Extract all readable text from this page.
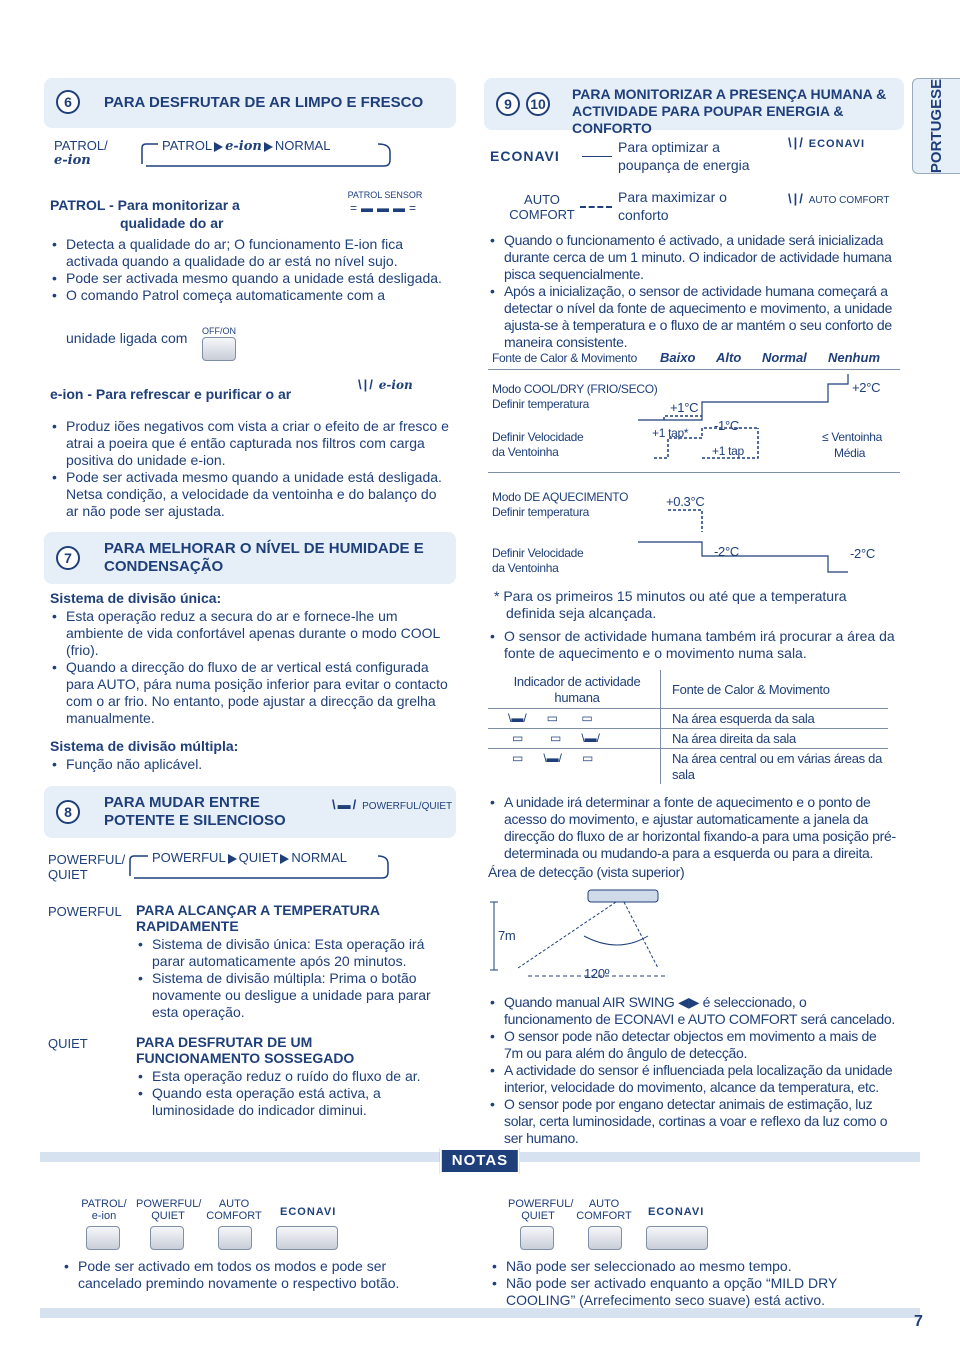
6	PARA DESFRUTAR DE AR LIMPO E FRESCO
PATROL/
e-ion
PATROL e-ion NORMAL
PATROL - Para monitorizar a
qualidade do ar
PATROL SENSOR
=▬▬▬=
• Detecta a qualidade do ar; O funcionamento E-ion fica activada quando a qualidade do ar está no nível sujo.
• Pode ser activada mesmo quando a unidade está desligada.
• O comando Patrol começa automaticamente com a
unidade ligada com OFF/ON
e-ion - Para refrescar e purificar o ar
\|/ e-ion
• Produz iões negativos com vista a criar o efeito de ar fresco e atrai a poeira que é então capturada nos filtros com carga positiva do unidade e-ion.
• Pode ser activada mesmo quando a unidade está desligada. Netsa condição, a velocidade da ventoinha e do balanço do ar não pode ser ajustada.
7
PARA MELHORAR O NÍVEL DE HUMIDADE E CONDENSAÇÃO
Sistema de divisão única:
• Esta operação reduz a secura do ar e fornece-lhe um ambiente de vida confortável apenas durante o modo COOL (frio).
• Quando a direcção do fluxo de ar vertical está configurada para AUTO, pára numa posição inferior para evitar o contacto com o ar frio. No entanto, pode ajustar a direcção da grelha manualmente.
Sistema de divisão múltipla:
• Função não aplicável.
8
PARA MUDAR ENTRE POTENTE E SILENCIOSO
\▬/ POWERFUL/QUIET
POWERFUL/ QUIET
POWERFUL QUIET NORMAL
POWERFUL PARA ALCANÇAR A TEMPERATURA RAPIDAMENTE
• Sistema de divisão única: Esta operação irá parar automaticamente após 20 minutos.
• Sistema de divisão múltipla: Prima o botão novamente ou desligue a unidade para parar esta operação.
QUIET	PARA DESFRUTAR DE UM FUNCIONAMENTO SOSSEGADO
• Esta operação reduz o ruído do fluxo de ar.
• Quando esta operação está activa, a luminosidade do indicador diminui.
9	10
PARA MONITORIZAR A PRESENÇA HUMANA & ACTIVIDADE PARA POUPAR ENERGIA & CONFORTO	PORTUGESE
ECONAVI
Para optimizar a poupança de energia
\|/ ECONAVI
AUTO COMFORT
Para maximizar o conforto
\|/ AUTO COMFORT
• Quando o funcionamento é activado, a unidade será inicializada durante cerca de um 1 minuto. O indicador de actividade humana pisca sequencialmente.
• Após a inicialização, o sensor de actividade humana começará a detectar o nível da fonte de aquecimento e movimento, a unidade ajusta-se à temperatura e o fluxo de ar mantém o seu conforto de maneira consistente.
Fonte de Calor & Movimento Baixo Alto Normal Nenhum
Modo COOL/DRY (FRIO/SECO)
Definir temperatura
Definir Velocidade
da Ventoinha
Modo DE AQUECIMENTO
Definir temperatura
Definir Velocidade
da Ventoinha
+2°C
+1°C
-1°C
+1 tap*
+1 tap
≤ Ventoinha
Média
+0.3°C
-2°C	-2°C
* Para os primeiros 15 minutos ou até que a temperatura definida seja alcançada.
• O sensor de actividade humana também irá procurar a área da fonte de aquecimento e o movimento numa sala.
Indicador de actividade humana
Fonte de Calor & Movimento
\▬/      ▭       ▭	Na área esquerda da sala
▭        ▭      \▬/	Na área direita da sala
▭      \▬/      ▭	Na área central ou em várias áreas da sala
• A unidade irá determinar a fonte de aquecimento e o ponto de acesso do movimento, e ajustar automaticamente a janela da direcção do fluxo de ar horizontal fixando-a para uma posição pré-determinada ou mudando-a para a esquerda ou para a direita.
Área de detecção (vista superior)
7m
120º
• Quando manual AIR SWING ◀▶ é seleccionado, o funcionamento de ECONAVI e AUTO COMFORT será cancelado.
• O sensor pode não detectar objectos em movimento a mais de 7m ou para além do ângulo de detecção.
• A actividade do sensor é influenciada pela localização da unidade interior, velocidade do movimento, alcance da temperatura, etc.
• O sensor pode por engano detectar animais de estimação, luz solar, certa luminosidade, cortinas a voar e reflexo da luz como o ser humano.
NOTAS
PATROL/ e-ion
POWERFUL/ QUIET
AUTO COMFORT ECONAVI
• Pode ser activado em todos os modos e pode ser cancelado premindo novamente o respectivo botão.
POWERFUL/ QUIET
AUTO COMFORT ECONAVI
• Não pode ser seleccionado ao mesmo tempo.
• Não pode ser activado enquanto a opção “MILD DRY COOLING” (Arrefecimento seco suave) está activo.
7
